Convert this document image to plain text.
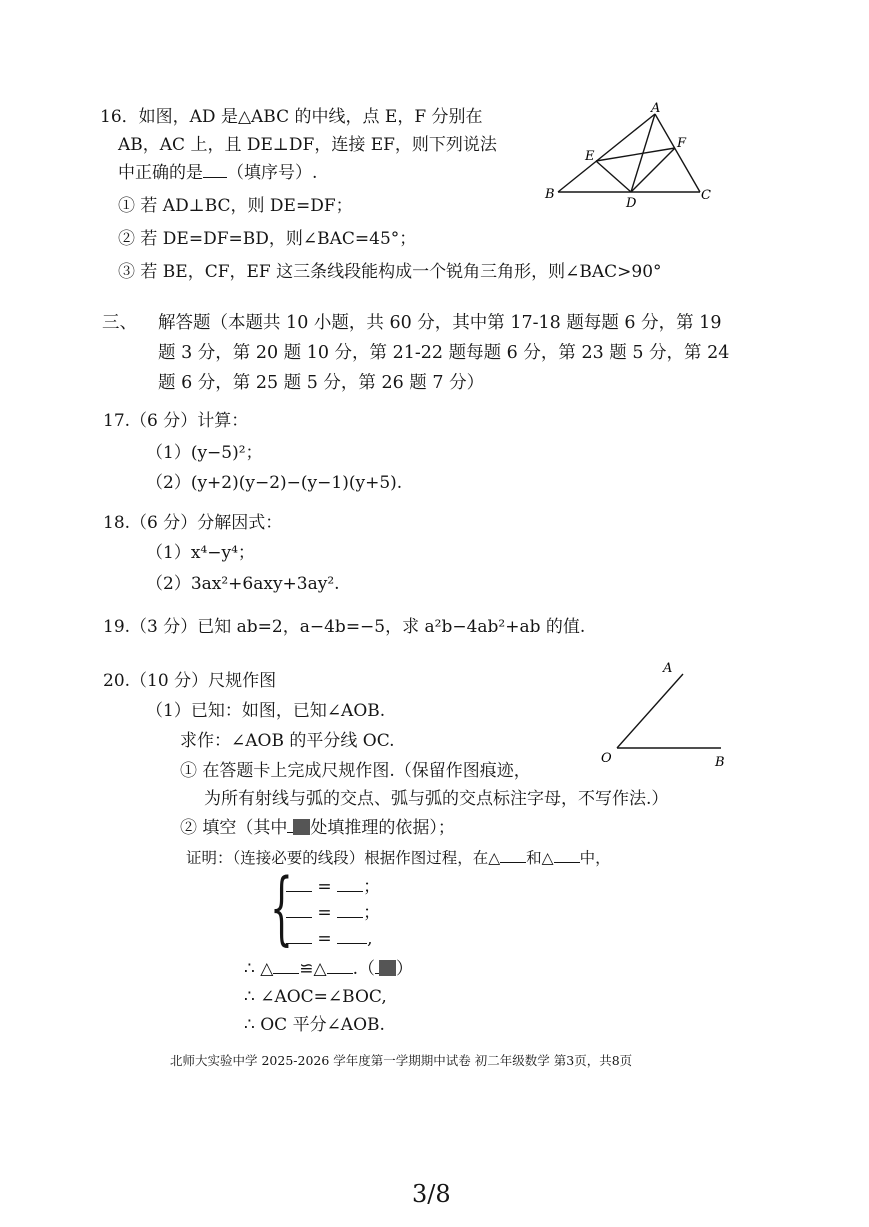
16．如图，AD 是△ABC 的中线，点 E，F 分别在
AB，AC 上，且 DE⊥DF，连接 EF，则下列说法
中正确的是 （填序号）.
① 若 AD⊥BC，则 DE=DF；
② 若 DE=DF=BD，则∠BAC=45°；
③ 若 BE，CF，EF 这三条线段能构成一个锐角三角形，则∠BAC>90°
A
B	C
D
E
F
三、 解答题（本题共 10 小题，共 60 分，其中第 17-18 题每题 6 分，第 19
题 3 分，第 20 题 10 分，第 21-22 题每题 6 分，第 23 题 5 分，第 24
题 6 分，第 25 题 5 分，第 26 题 7 分）
17.（6 分）计算：
（1）(y−5)²；
（2）(y+2)(y−2)−(y−1)(y+5).
18.（6 分）分解因式：
（1）x⁴−y⁴；
（2）3ax²+6axy+3ay².
19.（3 分）已知 ab=2，a−4b=−5，求 a²b−4ab²+ab 的值.
20.（10 分）尺规作图
（1）已知：如图，已知∠AOB.
求作：∠AOB 的平分线 OC.
① 在答题卡上完成尺规作图.（保留作图痕迹，
为所有射线与弧的交点、弧与弧的交点标注字母，不写作法.）
② 填空（其中 处填推理的依据）；
证明：（连接必要的线段）根据作图过程，在△ 和△ 中，
{	= ；
= ；
= ,
∴ △ ≌△ .（ ）
∴ ∠AOC=∠BOC,
∴ OC 平分∠AOB.
A
O	B
北师大实验中学 2025-2026 学年度第一学期期中试卷 初二年级数学 第3页，共8页
3/8
